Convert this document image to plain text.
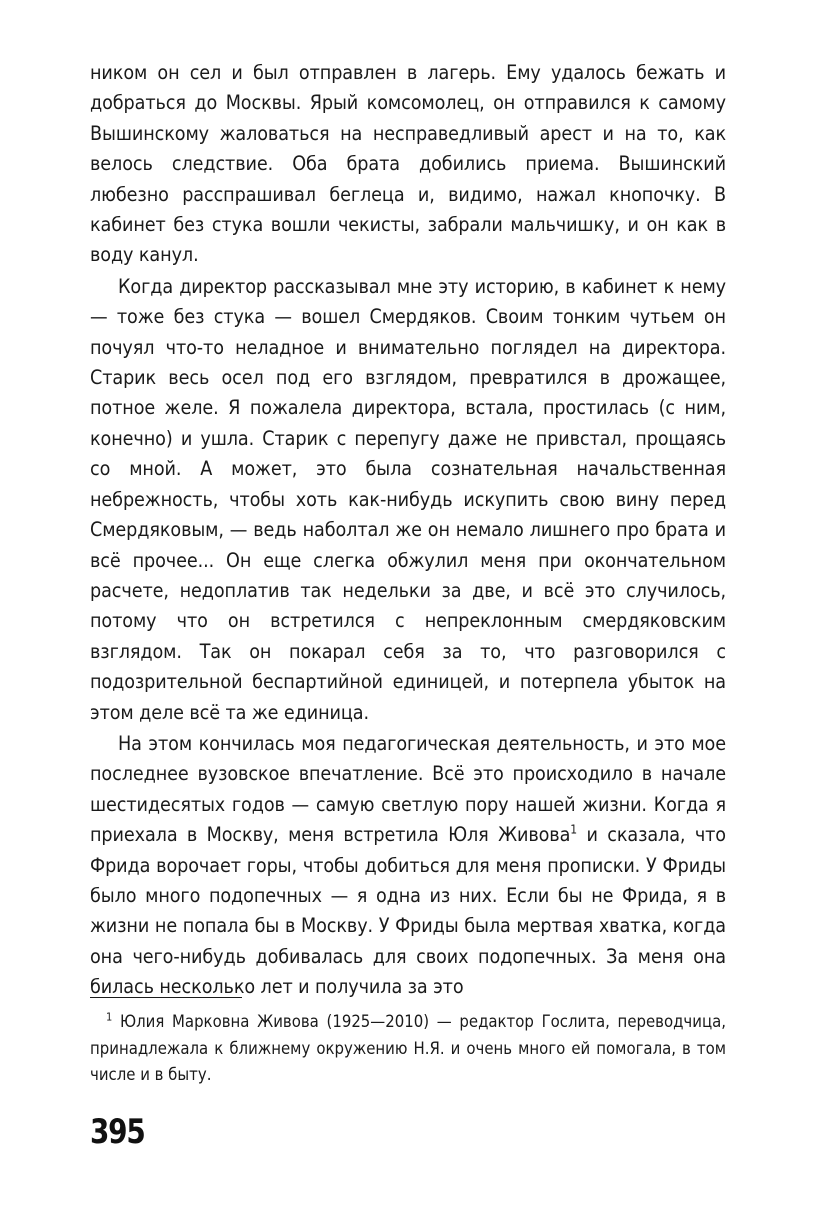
ником он сел и был отправлен в лагерь. Ему удалось бежать и добраться до Москвы. Ярый комсомолец, он отправился к самому Вышинскому жаловаться на несправедливый арест и на то, как велось следствие. Оба брата добились приема. Вышинский любезно расспрашивал беглеца и, видимо, нажал кнопочку. В кабинет без стука вошли чекисты, забрали мальчишку, и он как в воду канул.

Когда директор рассказывал мне эту историю, в кабинет к нему — тоже без стука — вошел Смердяков. Своим тонким чутьем он почуял что-то неладное и внимательно поглядел на директора. Старик весь осел под его взглядом, превратился в дрожащее, потное желе. Я пожалела директора, встала, простилась (с ним, конечно) и ушла. Старик с перепугу даже не привстал, прощаясь со мной. А может, это была сознательная начальственная небрежность, чтобы хоть как-нибудь искупить свою вину перед Смердяковым, — ведь наболтал же он немало лишнего про брата и всё прочее... Он еще слегка обжулил меня при окончательном расчете, недоплатив так недельки за две, и всё это случилось, потому что он встретился с непреклонным смердяковским взглядом. Так он покарал себя за то, что разговорился с подозрительной беспартийной единицей, и потерпела убыток на этом деле всё та же единица.

На этом кончилась моя педагогическая деятельность, и это мое последнее вузовское впечатление. Всё это происходило в начале шестидесятых годов — самую светлую пору нашей жизни. Когда я приехала в Москву, меня встретила Юля Живова$^1$ и сказала, что Фрида ворочает горы, чтобы добиться для меня прописки. У Фриды было много подопечных — я одна из них. Если бы не Фрида, я в жизни не попала бы в Москву. У Фриды была мертвая хватка, когда она чего-нибудь добивалась для своих подопечных. За меня она билась несколько лет и получила за это

$^1$ Юлия Марковна Живова (1925—2010) — редактор Гослита, переводчица, принадлежала к ближнему окружению Н.Я. и очень много ей помогала, в том числе и в быту.

395
